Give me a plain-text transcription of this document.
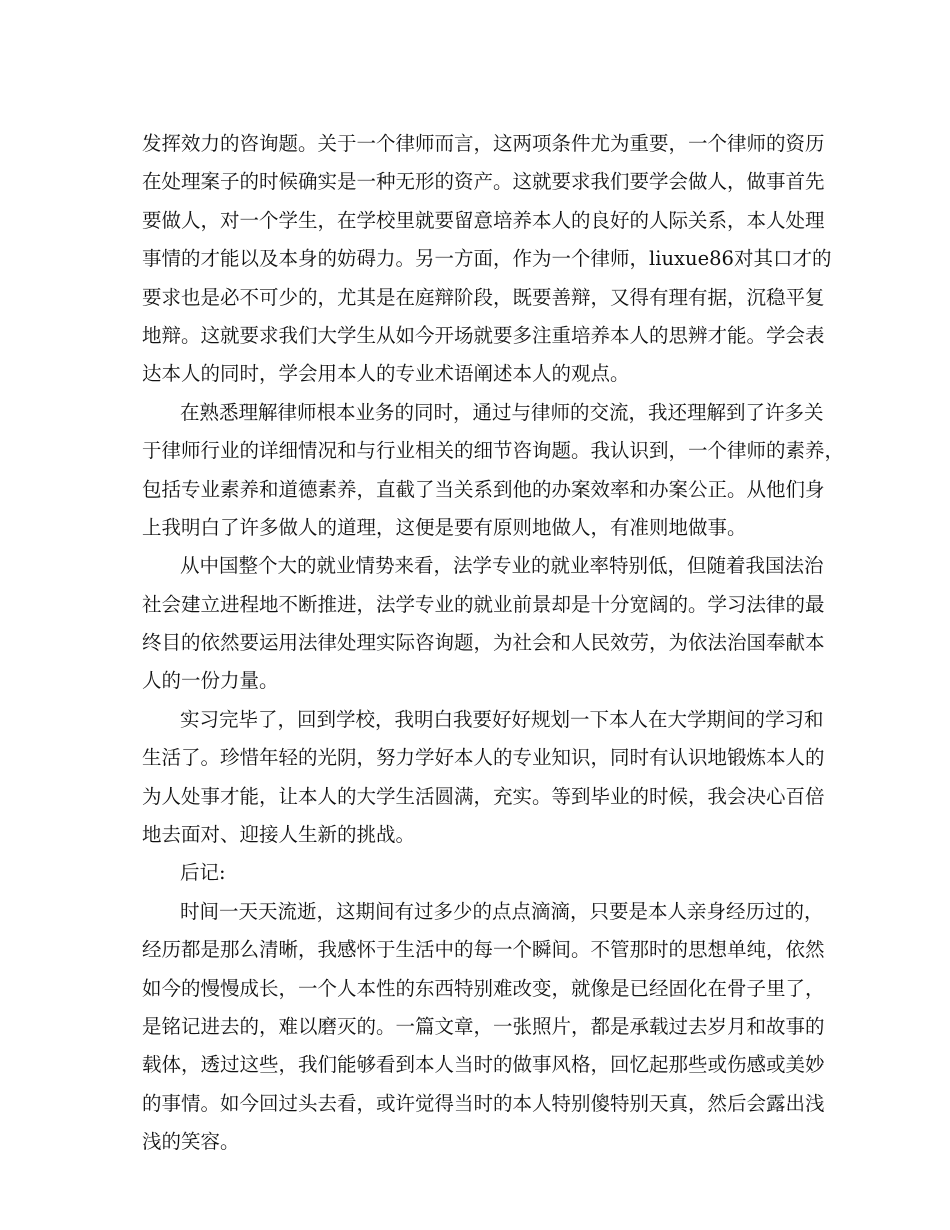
发挥效力的咨询题。关于一个律师而言，这两项条件尤为重要，一个律师的资历
在处理案子的时候确实是一种无形的资产。这就要求我们要学会做人，做事首先
要做人，对一个学生，在学校里就要留意培养本人的良好的人际关系，本人处理
事情的才能以及本身的妨碍力。另一方面，作为一个律师，liuxue86对其口才的
要求也是必不可少的，尤其是在庭辩阶段，既要善辩，又得有理有据，沉稳平复
地辩。这就要求我们大学生从如今开场就要多注重培养本人的思辨才能。学会表
达本人的同时，学会用本人的专业术语阐述本人的观点。
在熟悉理解律师根本业务的同时，通过与律师的交流，我还理解到了许多关
于律师行业的详细情况和与行业相关的细节咨询题。我认识到，一个律师的素养，
包括专业素养和道德素养，直截了当关系到他的办案效率和办案公正。从他们身
上我明白了许多做人的道理，这便是要有原则地做人，有准则地做事。
从中国整个大的就业情势来看，法学专业的就业率特别低，但随着我国法治
社会建立进程地不断推进，法学专业的就业前景却是十分宽阔的。学习法律的最
终目的依然要运用法律处理实际咨询题，为社会和人民效劳，为依法治国奉献本
人的一份力量。
实习完毕了，回到学校，我明白我要好好规划一下本人在大学期间的学习和
生活了。珍惜年轻的光阴，努力学好本人的专业知识，同时有认识地锻炼本人的
为人处事才能，让本人的大学生活圆满，充实。等到毕业的时候，我会决心百倍
地去面对、迎接人生新的挑战。
后记:
时间一天天流逝，这期间有过多少的点点滴滴，只要是本人亲身经历过的，
经历都是那么清晰，我感怀于生活中的每一个瞬间。不管那时的思想单纯，依然
如今的慢慢成长，一个人本性的东西特别难改变，就像是已经固化在骨子里了，
是铭记进去的，难以磨灭的。一篇文章，一张照片，都是承载过去岁月和故事的
载体，透过这些，我们能够看到本人当时的做事风格，回忆起那些或伤感或美妙
的事情。如今回过头去看，或许觉得当时的本人特别傻特别天真，然后会露出浅
浅的笑容。
